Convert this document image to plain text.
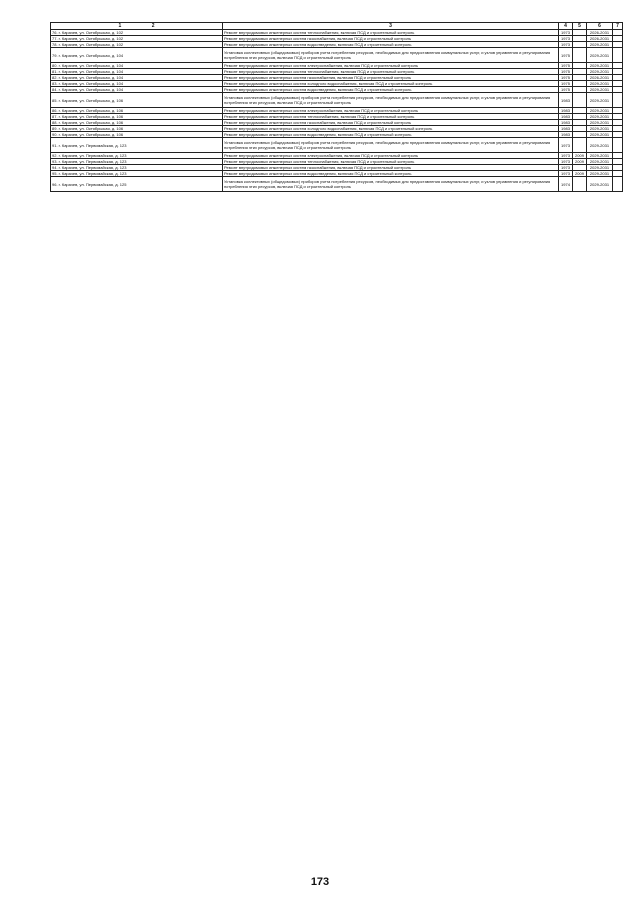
1 2	3	4	5	6	7
76. г. Карачев, ул. Октябрьская, д. 102	Ремонт внутридомовых инженерных систем теплоснабжения, включая ПСД и строительный контроль	1973		2026-2031	
77. г. Карачев, ул. Октябрьская, д. 102	Ремонт внутридомовых инженерных систем газоснабжения, включая ПСД и строительный контроль	1973		2026-2031	
78. г. Карачев, ул. Октябрьская, д. 102	Ремонт внутридомовых инженерных систем водоотведения, включая ПСД и строительный контроль	1973		2029-2031	
79. г. Карачев, ул. Октябрьская, д. 104	Установка коллективных (общедомовых) приборов учета потребления ресурсов, необходимых для предоставления коммунальных услуг, и узлов управления и регулирования потребления этих ресурсов, включая ПСД и строительный контроль	1975		2029-2031	
80. г. Карачев, ул. Октябрьская, д. 104	Ремонт внутридомовых инженерных систем электроснабжения, включая ПСД и строительный контроль	1975		2029-2031	
81. г. Карачев, ул. Октябрьская, д. 104	Ремонт внутридомовых инженерных систем теплоснабжения, включая ПСД и строительный контроль	1975		2029-2031	
82. г. Карачев, ул. Октябрьская, д. 104	Ремонт внутридомовых инженерных систем газоснабжения, включая ПСД и строительный контроль	1975		2026-2031	
83. г. Карачев, ул. Октябрьская, д. 104	Ремонт внутридомовых инженерных систем холодного водоснабжения, включая ПСД и строительный контроль	1975		2029-2031	
84. г. Карачев, ул. Октябрьская, д. 104	Ремонт внутридомовых инженерных систем водоотведения, включая ПСД и строительный контроль	1975		2029-2031	
85. г. Карачев, ул. Октябрьская, д. 106	Установка коллективных (общедомовых) приборов учета потребления ресурсов, необходимых для предоставления коммунальных услуг, и узлов управления и регулирования потребления этих ресурсов, включая ПСД и строительный контроль	1983		2029-2031	
86. г. Карачев, ул. Октябрьская, д. 106	Ремонт внутридомовых инженерных систем электроснабжения, включая ПСД и строительный контроль	1983		2029-2031	
87. г. Карачев, ул. Октябрьская, д. 106	Ремонт внутридомовых инженерных систем теплоснабжения, включая ПСД и строительный контроль	1983		2029-2031	
88. г. Карачев, ул. Октябрьская, д. 106	Ремонт внутридомовых инженерных систем газоснабжения, включая ПСД и строительный контроль	1983		2029-2031	
89. г. Карачев, ул. Октябрьская, д. 106	Ремонт внутридомовых инженерных систем холодного водоснабжения, включая ПСД и строительный контроль	1983		2029-2031	
90. г. Карачев, ул. Октябрьская, д. 106	Ремонт внутридомовых инженерных систем водоотведения, включая ПСД и строительный контроль	1983		2029-2031	
91. г. Карачев, ул. Первомайская, д. 123	Установка коллективных (общедомовых) приборов учета потребления ресурсов, необходимых для предоставления коммунальных услуг, и узлов управления и регулирования потребления этих ресурсов, включая ПСД и строительный контроль	1973		2029-2031	
92. г. Карачев, ул. Первомайская, д. 123	Ремонт внутридомовых инженерных систем электроснабжения, включая ПСД и строительный контроль	1973	2009	2029-2031	
93. г. Карачев, ул. Первомайская, д. 123	Ремонт внутридомовых инженерных систем теплоснабжения, включая ПСД и строительный контроль	1973	2009	2029-2031	
94. г. Карачев, ул. Первомайская, д. 123	Ремонт внутридомовых инженерных систем газоснабжения, включая ПСД и строительный контроль	1973		2029-2031	
95. г. Карачев, ул. Первомайская, д. 123	Ремонт внутридомовых инженерных систем водоотведения, включая ПСД и строительный контроль	1973	2009	2029-2031	
96. г. Карачев, ул. Первомайская, д. 125	Установка коллективных (общедомовых) приборов учета потребления ресурсов, необходимых для предоставления коммунальных услуг, и узлов управления и регулирования потребления этих ресурсов, включая ПСД и строительный контроль	1974		2029-2031	
173
